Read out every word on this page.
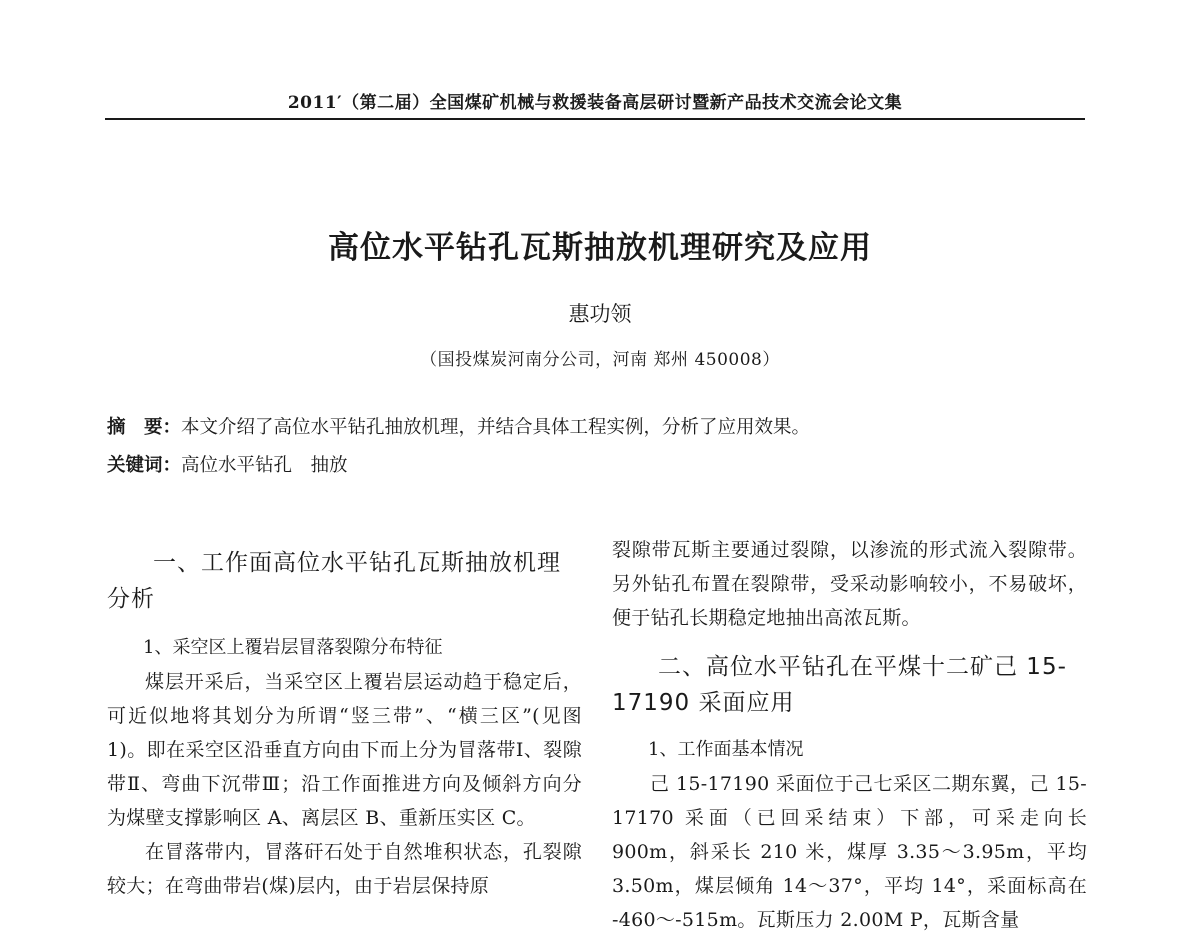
2011′（第二届）全国煤矿机械与救援装备高层研讨暨新产品技术交流会论文集
高位水平钻孔瓦斯抽放机理研究及应用
惠功领
（国投煤炭河南分公司，河南 郑州 450008）
摘　要：本文介绍了高位水平钻孔抽放机理，并结合具体工程实例，分析了应用效果。
关键词：高位水平钻孔　抽放

一、工作面高位水平钻孔瓦斯抽放机理分析

1、采空区上覆岩层冒落裂隙分布特征

煤层开采后，当采空区上覆岩层运动趋于稳定后，可近似地将其划分为所谓“竖三带”、“横三区”(见图 1)。即在采空区沿垂直方向由下而上分为冒落带Ⅰ、裂隙带Ⅱ、弯曲下沉带Ⅲ；沿工作面推进方向及倾斜方向分为煤壁支撑影响区 A、离层区 B、重新压实区 C。

在冒落带内，冒落矸石处于自然堆积状态，孔裂隙较大；在弯曲带岩(煤)层内，由于岩层保持原

裂隙带瓦斯主要通过裂隙，以渗流的形式流入裂隙带。另外钻孔布置在裂隙带，受采动影响较小，不易破坏，便于钻孔长期稳定地抽出高浓瓦斯。

二、高位水平钻孔在平煤十二矿己 15-17190 采面应用

1、工作面基本情况

己 15-17190 采面位于己七采区二期东翼，己 15-17170 采面（已回采结束）下部，可采走向长 900m，斜采长 210 米，煤厚 3.35～3.95m，平均 3.50m，煤层倾角 14～37°，平均 14°，采面标高在 -460～-515m。瓦斯压力 2.00M P，瓦斯含量
